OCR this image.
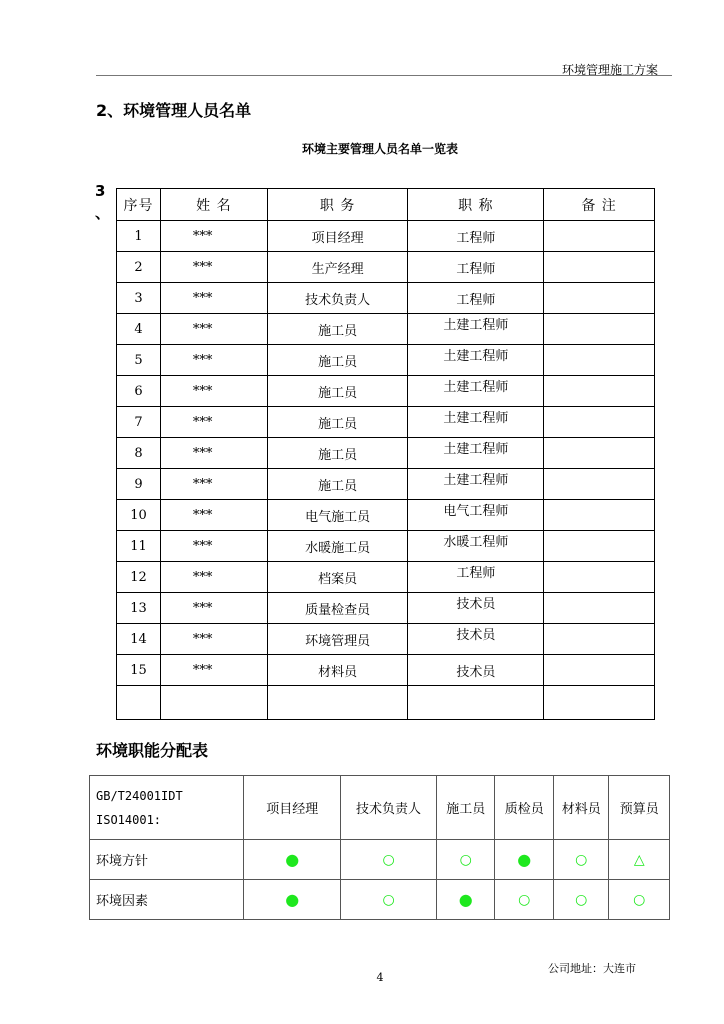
环境管理施工方案
2、环境管理人员名单
环境主要管理人员名单一览表
3
、 序号	姓 名	职 务	职 称	备 注
1	***	项目经理	工程师	
2	***	生产经理	工程师	
3	***	技术负责人	工程师	
4	***	施工员	土建工程师	
5	***	施工员	土建工程师	
6	***	施工员	土建工程师	
7	***	施工员	土建工程师	
8	***	施工员	土建工程师	
9	***	施工员	土建工程师	
10	***	电气施工员	电气工程师	
11	***	水暖施工员	水暖工程师	
12	***	档案员	工程师	
13	***	质量检查员	技术员	
14	***	环境管理员	技术员	
15	***	材料员	技术员	

环境职能分配表
GB/T24001IDT
ISO14001:	项目经理	技术负责人	施工员	质检员	材料员	预算员
环境方针	●	○	○	●	○	△
环境因素	●	○	●	○	○	○
公司地址：大连市
4
